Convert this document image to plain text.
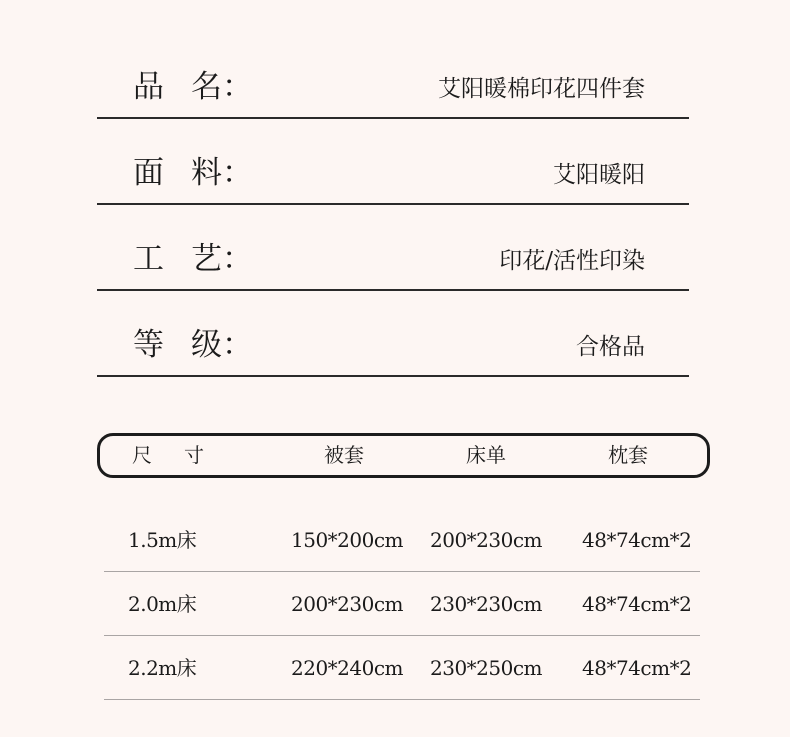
品 名：	艾阳暖棉印花四件套
面 料：	艾阳暖阳
工 艺：	印花/活性印染
等 级：	合格品
尺 寸	被套	床单	枕套
1.5m床	150*200cm 200*230cm 48*74cm*2
2.0m床	200*230cm 230*230cm 48*74cm*2
2.2m床	220*240cm 230*250cm 48*74cm*2
